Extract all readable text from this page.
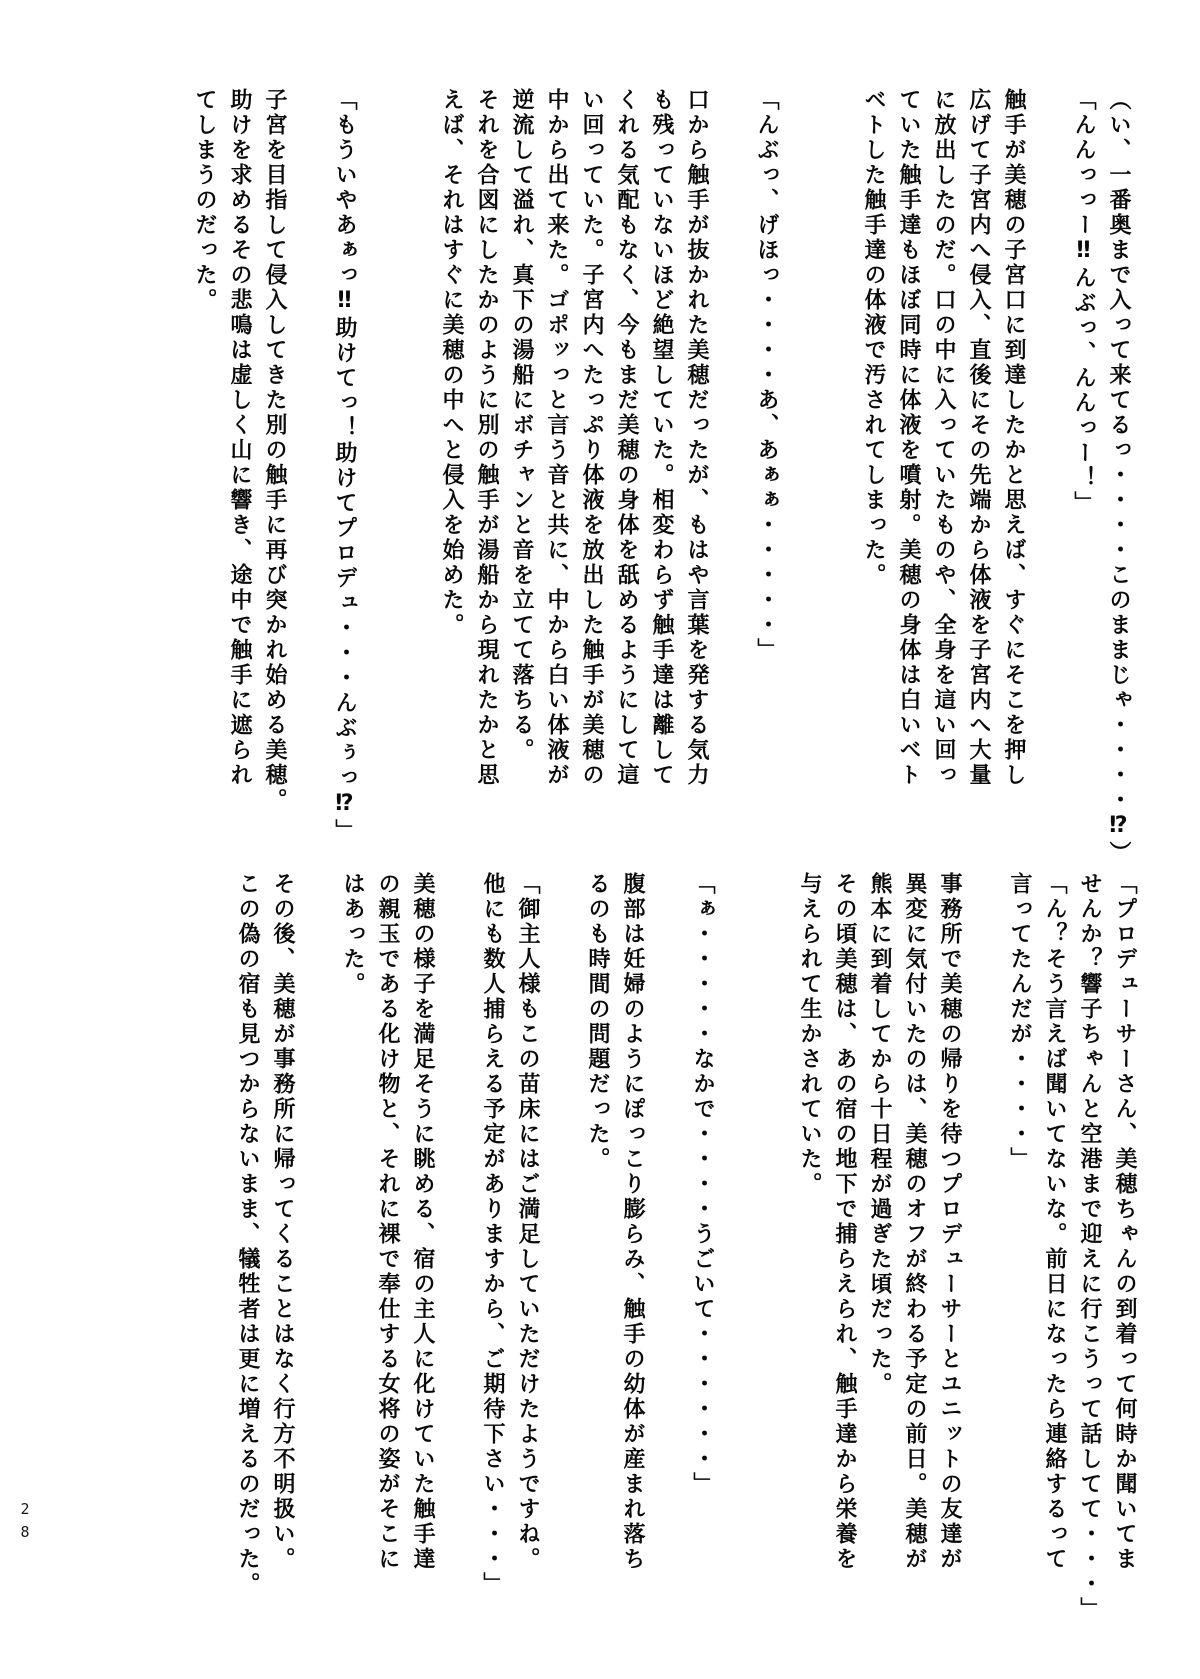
（い、一番奥まで入って来てるっ・・・・このままじゃ・・・・⁉）

「んんっっー‼んぶっ、んんっー！」

触手が美穂の子宮口に到達したかと思えば、すぐにそこを押し

広げて子宮内へ侵入、直後にその先端から体液を子宮内へ大量

に放出したのだ。口の中に入っていたものや、全身を這い回っ

ていた触手達もほぼ同時に体液を噴射。美穂の身体は白いベト

ベトした触手達の体液で汚されてしまった。

「んぶっ、げほっ・・・・あ、あぁぁ・・・・・」

口から触手が抜かれた美穂だったが、もはや言葉を発する気力

も残っていないほど絶望していた。相変わらず触手達は離して

くれる気配もなく、今もまだ美穂の身体を舐めるようにして這

い回っていた。子宮内へたっぷり体液を放出した触手が美穂の

中から出て来た。ゴポッっと言う音と共に、中から白い体液が

逆流して溢れ、真下の湯船にボチャンと音を立てて落ちる。

それを合図にしたかのように別の触手が湯船から現れたかと思

えば、それはすぐに美穂の中へと侵入を始めた。

「もういやあぁっ‼助けてっ！助けてプロデュ・・・んぶぅっ⁉」

子宮を目指して侵入してきた別の触手に再び突かれ始める美穂。

助けを求めるその悲鳴は虚しく山に響き、途中で触手に遮られ

てしまうのだった。

「プロデューサーさん、美穂ちゃんの到着って何時か聞いてま

せんか？響子ちゃんと空港まで迎えに行こうって話してて・・・」

「ん？そう言えば聞いてないな。前日になったら連絡するって

言ってたんだが・・・・」

事務所で美穂の帰りを待つプロデューサーとユニットの友達が

異変に気付いたのは、美穂のオフが終わる予定の前日。美穂が

熊本に到着してから十日程が過ぎた頃だった。

その頃美穂は、あの宿の地下で捕らえられ、触手達から栄養を

与えられて生かされていた。

「ぁ・・・・・なかで・・・・うごいて・・・・・・」

腹部は妊婦のようにぽっこり膨らみ、触手の幼体が産まれ落ち

るのも時間の問題だった。

「御主人様もこの苗床にはご満足していただけたようですね。

他にも数人捕らえる予定がありますから、ご期待下さい・・・」

美穂の様子を満足そうに眺める、宿の主人に化けていた触手達

の親玉である化け物と、それに裸で奉仕する女将の姿がそこに

はあった。

その後、美穂が事務所に帰ってくることはなく行方不明扱い。

この偽の宿も見つからないまま、犠牲者は更に増えるのだった。

28
